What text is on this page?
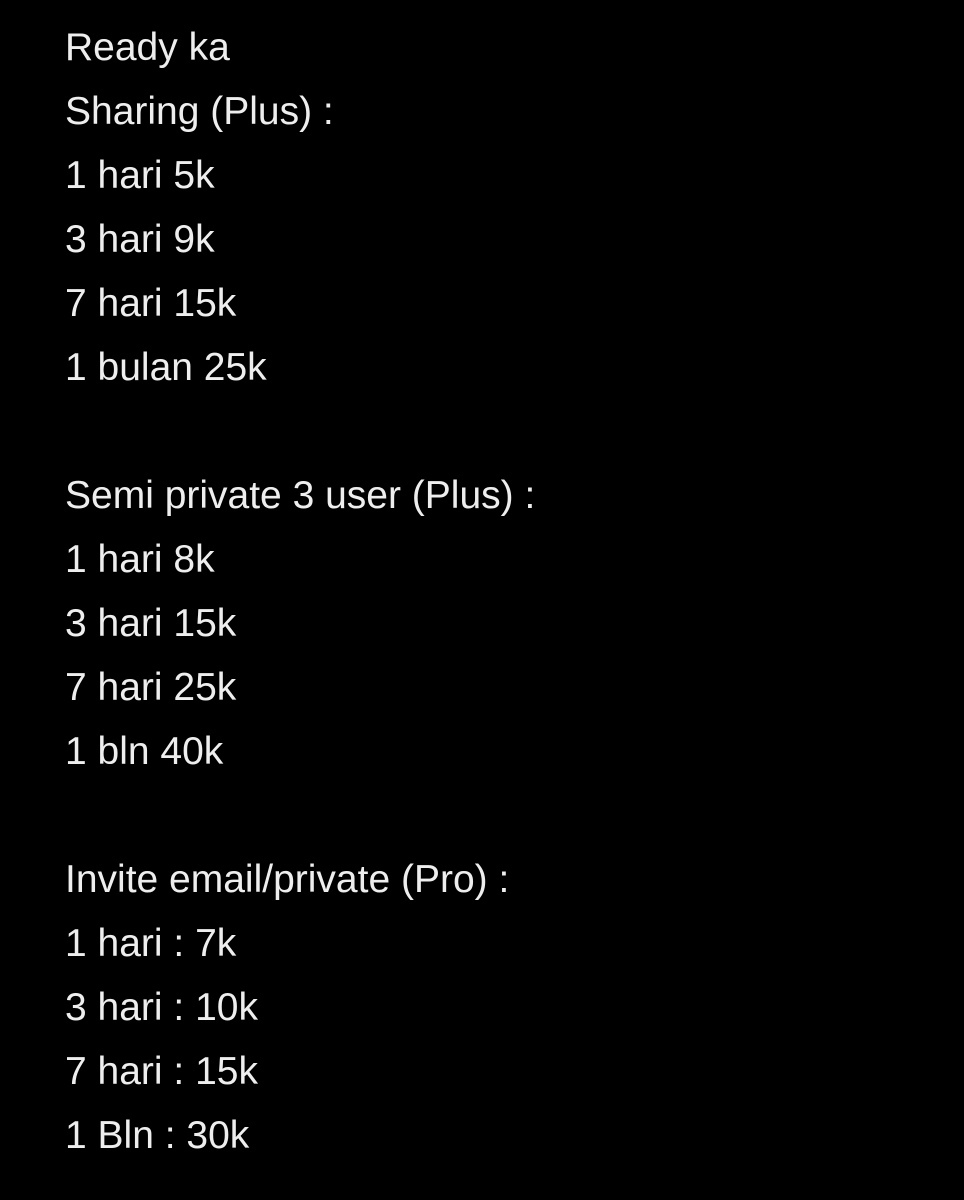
Ready ka
Sharing (Plus) :
1 hari 5k
3 hari 9k
7 hari 15k
1 bulan 25k
Semi private 3 user (Plus) :
1 hari 8k
3 hari 15k
7 hari 25k
1 bln 40k
Invite email/private (Pro) :
1 hari : 7k
3 hari : 10k
7 hari : 15k
1 Bln : 30k
